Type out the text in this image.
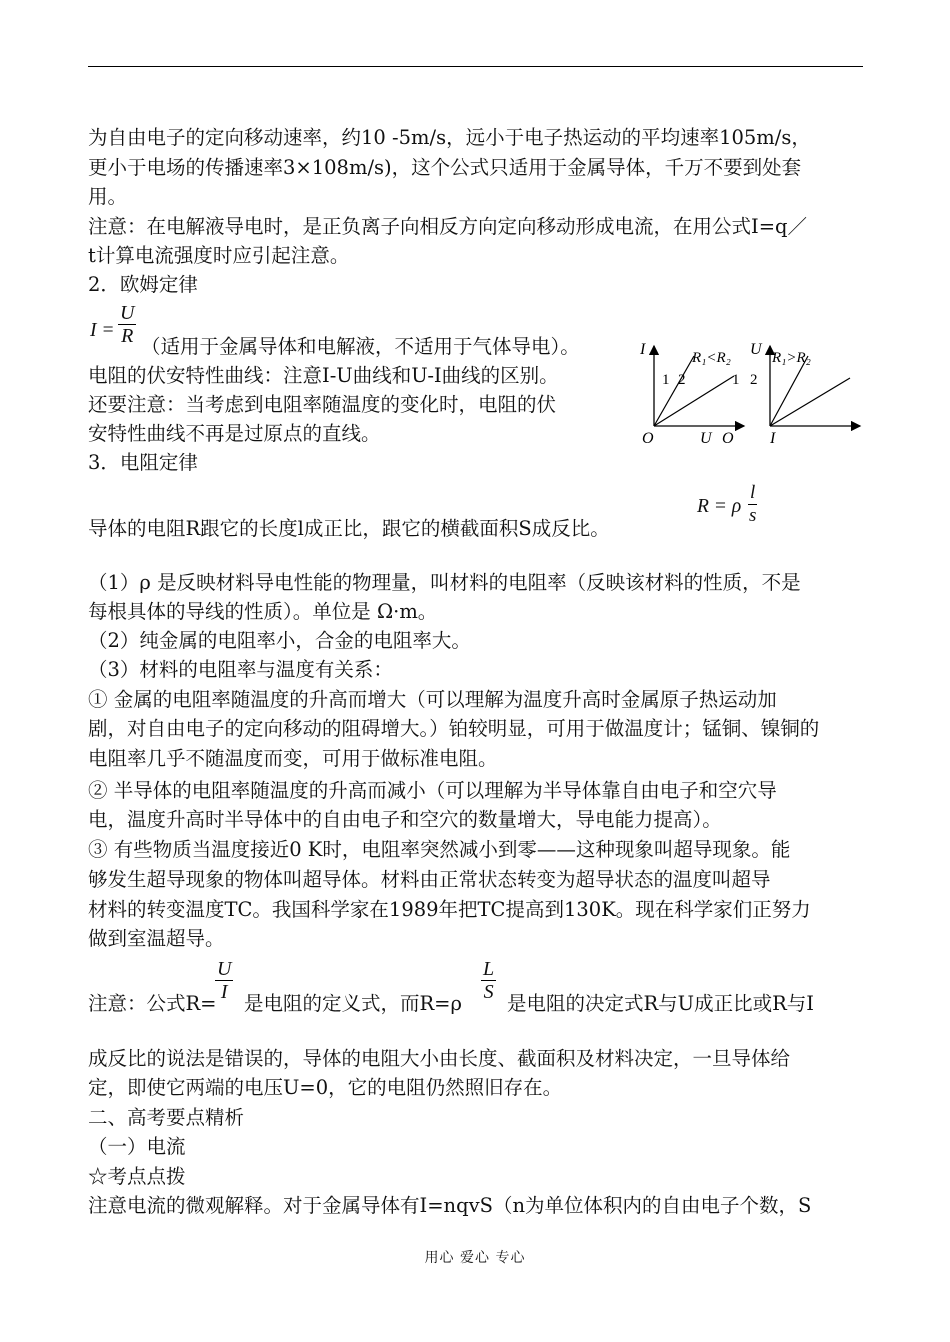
为自由电子的定向移动速率，约10 -5m/s，远小于电子热运动的平均速率105m/s，
更小于电场的传播速率3×108m/s)，这个公式只适用于金属导体，千万不要到处套
用。
注意：在电解液导电时，是正负离子向相反方向定向移动形成电流，在用公式I=q／
t计算电流强度时应引起注意。
2．欧姆定律
$I = \frac{U}{R}$ （适用于金属导体和电解液，不适用于气体导电）。
电阻的伏安特性曲线：注意I-U曲线和U-I曲线的区别。
还要注意：当考虑到电阻率随温度的变化时，电阻的伏
安特性曲线不再是过原点的直线。
3．电阻定律
I	R₁<R₂
1 2
O	U
U R₁>R₂
1 2
O I
R = ρ $\frac{l}{s}$
导体的电阻R跟它的长度l成正比，跟它的横截面积S成反比。
（1）ρ 是反映材料导电性能的物理量，叫材料的电阻率（反映该材料的性质，不是
每根具体的导线的性质）。单位是 Ω·m。
（2）纯金属的电阻率小，合金的电阻率大。
（3）材料的电阻率与温度有关系：
① 金属的电阻率随温度的升高而增大（可以理解为温度升高时金属原子热运动加
剧，对自由电子的定向移动的阻碍增大。）铂较明显，可用于做温度计；锰铜、镍铜的
电阻率几乎不随温度而变，可用于做标准电阻。
② 半导体的电阻率随温度的升高而减小（可以理解为半导体靠自由电子和空穴导
电，温度升高时半导体中的自由电子和空穴的数量增大，导电能力提高）。
③ 有些物质当温度接近0 K时，电阻率突然减小到零——这种现象叫超导现象。能
够发生超导现象的物体叫超导体。材料由正常状态转变为超导状态的温度叫超导
材料的转变温度TC。我国科学家在1989年把TC提高到130K。现在科学家们正努力
做到室温超导。
注意：公式R=
$\frac{U}{I}$
是电阻的定义式，而R=ρ
$\frac{L}{S}$
是电阻的决定式R与U成正比或R与I
成反比的说法是错误的，导体的电阻大小由长度、截面积及材料决定，一旦导体给
定，即使它两端的电压U=0，它的电阻仍然照旧存在。
二、高考要点精析
（一）电流
☆考点点拨
注意电流的微观解释。对于金属导体有I=nqvS（n为单位体积内的自由电子个数，S
用心 爱心 专心
